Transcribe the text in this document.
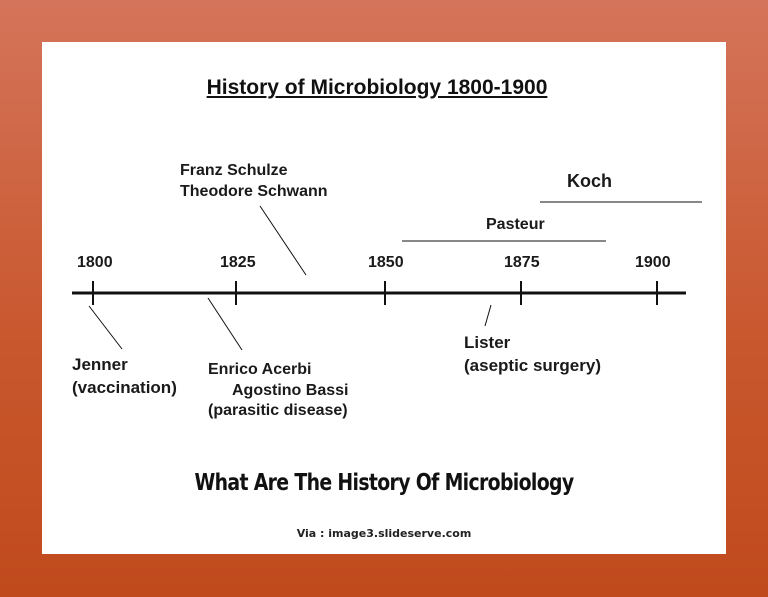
History of Microbiology 1800-1900
1800	1825	1850	1875	1900
Franz Schulze
Theodore Schwann
Koch
Pasteur
Jenner
(vaccination)
Enrico Acerbi
Agostino Bassi
(parasitic disease)
Lister
(aseptic surgery)
What Are The History Of Microbiology
Via : image3.slideserve.com
